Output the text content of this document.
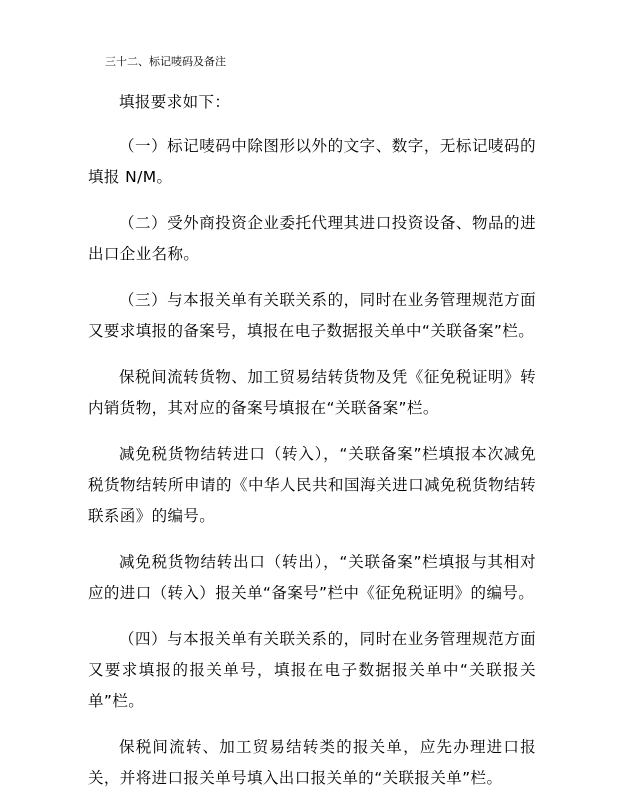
三十二、标记唛码及备注

填报要求如下：

（一）标记唛码中除图形以外的文字、数字，无标记唛码的填报 N/M。

（二）受外商投资企业委托代理其进口投资设备、物品的进出口企业名称。

（三）与本报关单有关联关系的，同时在业务管理规范方面又要求填报的备案号，填报在电子数据报关单中“关联备案”栏。

保税间流转货物、加工贸易结转货物及凭《征免税证明》转内销货物，其对应的备案号填报在“关联备案”栏。

减免税货物结转进口（转入），“关联备案”栏填报本次减免税货物结转所申请的《中华人民共和国海关进口减免税货物结转联系函》的编号。

减免税货物结转出口（转出），“关联备案”栏填报与其相对应的进口（转入）报关单“备案号”栏中《征免税证明》的编号。

（四）与本报关单有关联关系的，同时在业务管理规范方面又要求填报的报关单号，填报在电子数据报关单中“关联报关单”栏。

保税间流转、加工贸易结转类的报关单，应先办理进口报关，并将进口报关单号填入出口报关单的“关联报关单”栏。
